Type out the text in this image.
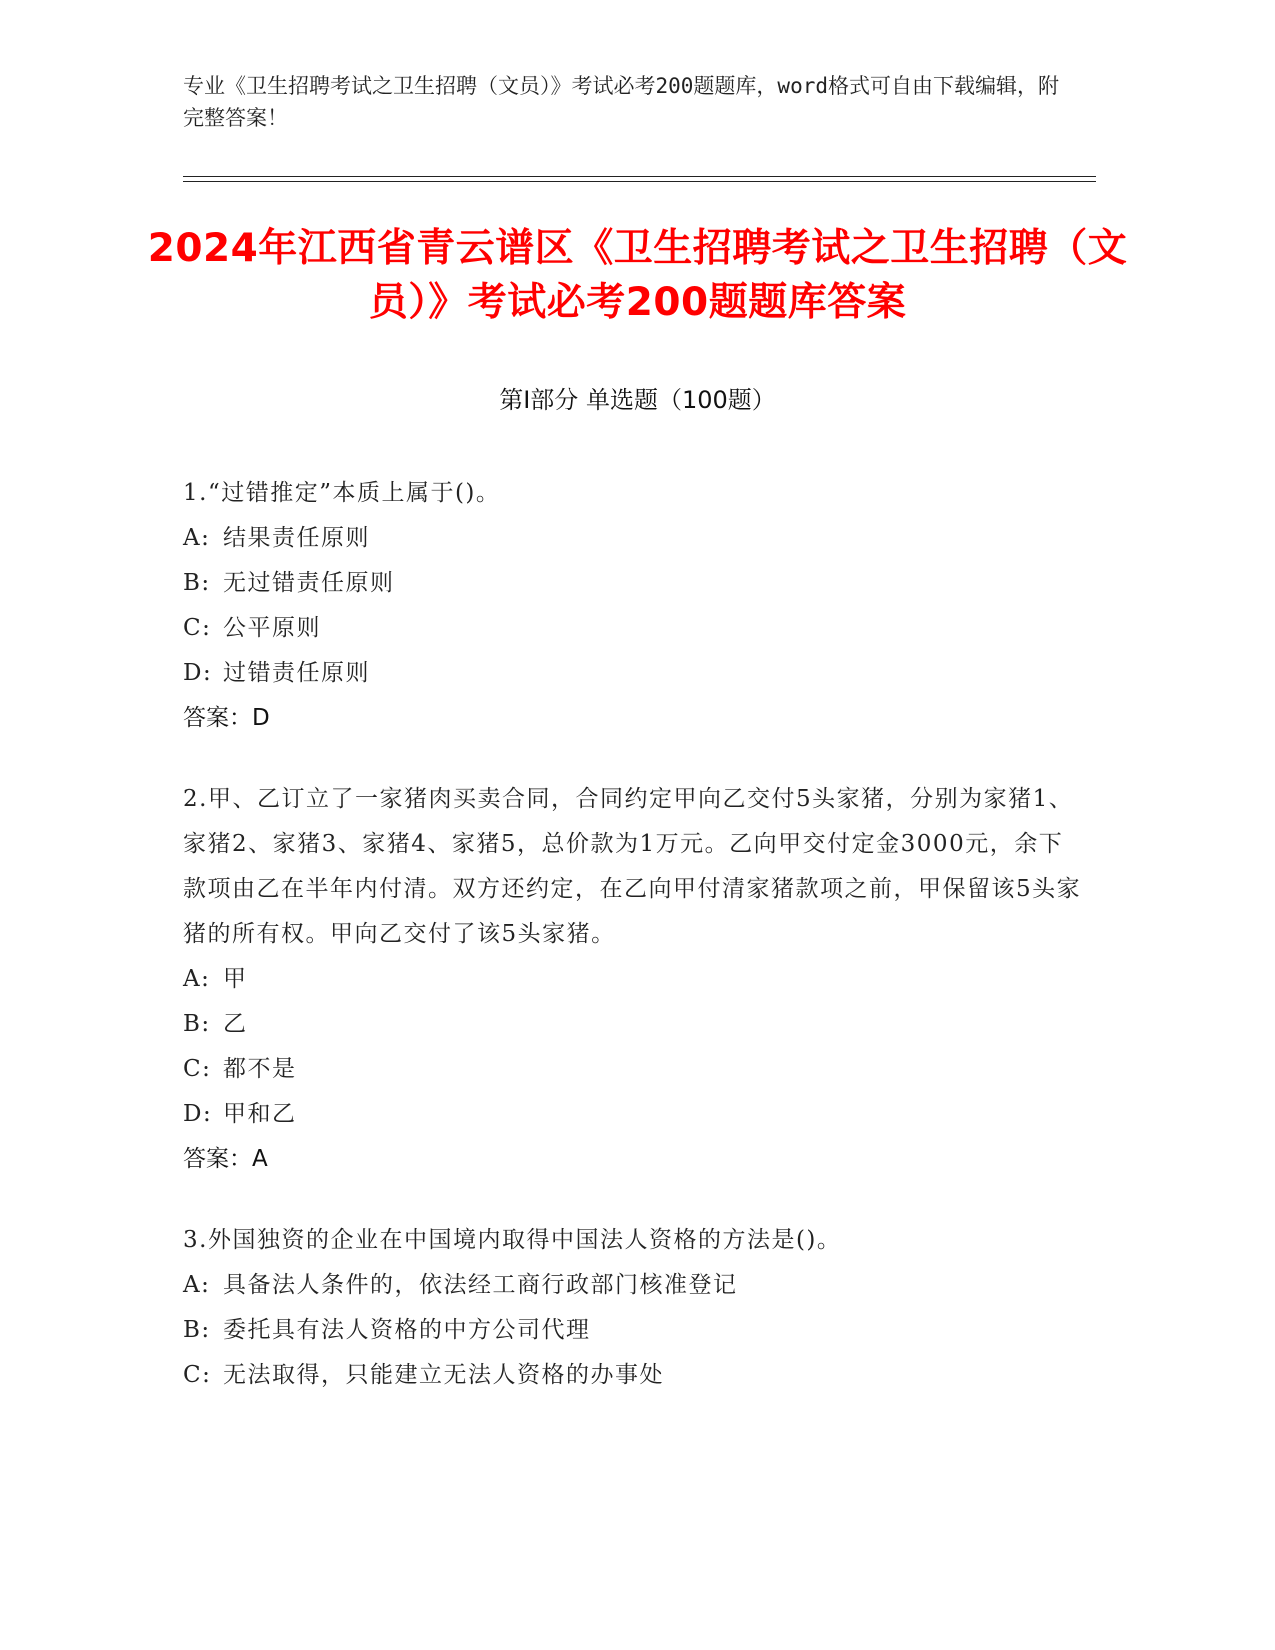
专业《卫生招聘考试之卫生招聘（文员）》考试必考200题题库，word格式可自由下载编辑，附完整答案！
2024年江西省青云谱区《卫生招聘考试之卫生招聘（文员）》考试必考200题题库答案
第Ⅰ部分 单选题（100题）
1.“过错推定”本质上属于()。
A: 结果责任原则
B: 无过错责任原则
C: 公平原则
D: 过错责任原则
答案：D
2.甲、乙订立了一家猪肉买卖合同，合同约定甲向乙交付5头家猪，分别为家猪1、家猪2、家猪3、家猪4、家猪5，总价款为1万元。乙向甲交付定金3000元，余下款项由乙在半年内付清。双方还约定，在乙向甲付清家猪款项之前，甲保留该5头家猪的所有权。甲向乙交付了该5头家猪。
A: 甲
B: 乙
C: 都不是
D: 甲和乙
答案：A
3.外国独资的企业在中国境内取得中国法人资格的方法是()。
A: 具备法人条件的，依法经工商行政部门核准登记
B: 委托具有法人资格的中方公司代理
C: 无法取得，只能建立无法人资格的办事处
